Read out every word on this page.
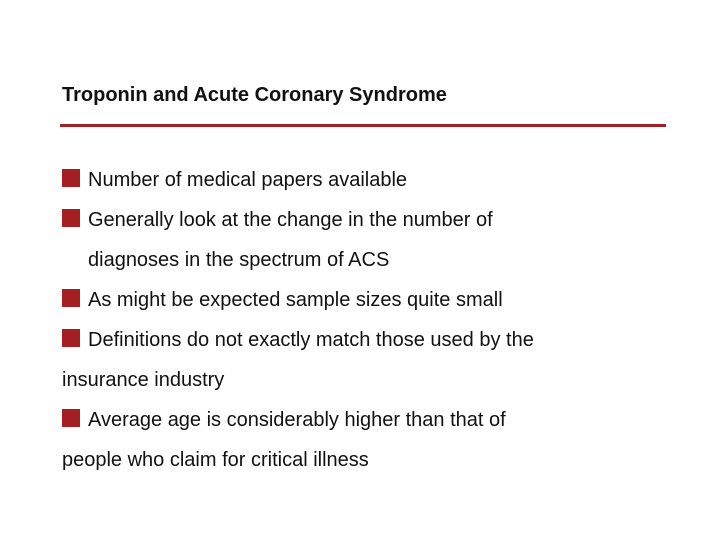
Troponin and Acute Coronary Syndrome
Number of medical papers available
Generally look at the change in the number of
diagnoses in the spectrum of ACS
As might be expected sample sizes quite small
Definitions do not exactly match those used by the
insurance industry
Average age is considerably higher than that of
people who claim for critical illness
